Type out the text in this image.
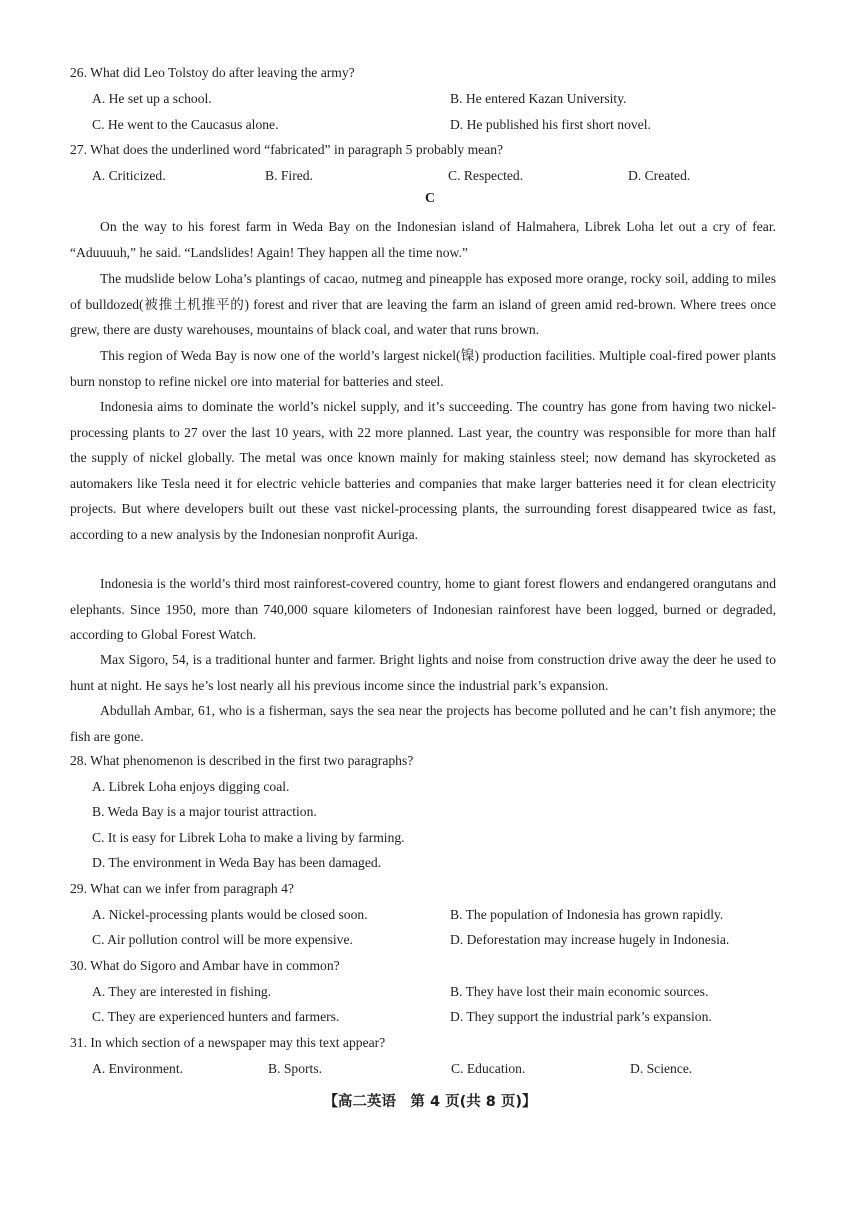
26. What did Leo Tolstoy do after leaving the army?
A. He set up a school.	B. He entered Kazan University.
C. He went to the Caucasus alone.	D. He published his first short novel.
27. What does the underlined word “fabricated” in paragraph 5 probably mean?
A. Criticized.	B. Fired.	C. Respected.	D. Created.
C

On the way to his forest farm in Weda Bay on the Indonesian island of Halmahera, Librek Loha let out a cry of fear. “Aduuuuh,” he said. “Landslides! Again! They happen all the time now.”

The mudslide below Loha’s plantings of cacao, nutmeg and pineapple has exposed more orange, rocky soil, adding to miles of bulldozed(被推土机推平的) forest and river that are leaving the farm an island of green amid red-brown. Where trees once grew, there are dusty warehouses, mountains of black coal, and water that runs brown.

This region of Weda Bay is now one of the world’s largest nickel(镍) production facilities. Multiple coal-fired power plants burn nonstop to refine nickel ore into material for batteries and steel.

Indonesia aims to dominate the world’s nickel supply, and it’s succeeding. The country has gone from having two nickel-processing plants to 27 over the last 10 years, with 22 more planned. Last year, the country was responsible for more than half the supply of nickel globally. The metal was once known mainly for making stainless steel; now demand has skyrocketed as automakers like Tesla need it for electric vehicle batteries and companies that make larger batteries need it for clean electricity projects. But where developers built out these vast nickel-processing plants, the surrounding forest disappeared twice as fast, according to a new analysis by the Indonesian nonprofit Auriga.

Indonesia is the world’s third most rainforest-covered country, home to giant forest flowers and endangered orangutans and elephants. Since 1950, more than 740,000 square kilometers of Indonesian rainforest have been logged, burned or degraded, according to Global Forest Watch.

Max Sigoro, 54, is a traditional hunter and farmer. Bright lights and noise from construction drive away the deer he used to hunt at night. He says he’s lost nearly all his previous income since the industrial park’s expansion.

Abdullah Ambar, 61, who is a fisherman, says the sea near the projects has become polluted and he can’t fish anymore; the fish are gone.

28. What phenomenon is described in the first two paragraphs?
A. Librek Loha enjoys digging coal.
B. Weda Bay is a major tourist attraction.
C. It is easy for Librek Loha to make a living by farming.
D. The environment in Weda Bay has been damaged.
29. What can we infer from paragraph 4?
A. Nickel-processing plants would be closed soon.	B. The population of Indonesia has grown rapidly.
C. Air pollution control will be more expensive.	D. Deforestation may increase hugely in Indonesia.
30. What do Sigoro and Ambar have in common?
A. They are interested in fishing.	B. They have lost their main economic sources.
C. They are experienced hunters and farmers.	D. They support the industrial park’s expansion.
31. In which section of a newspaper may this text appear?
A. Environment.	B. Sports.	C. Education.	D. Science.
【高二英语　第 4 页(共 8 页)】
